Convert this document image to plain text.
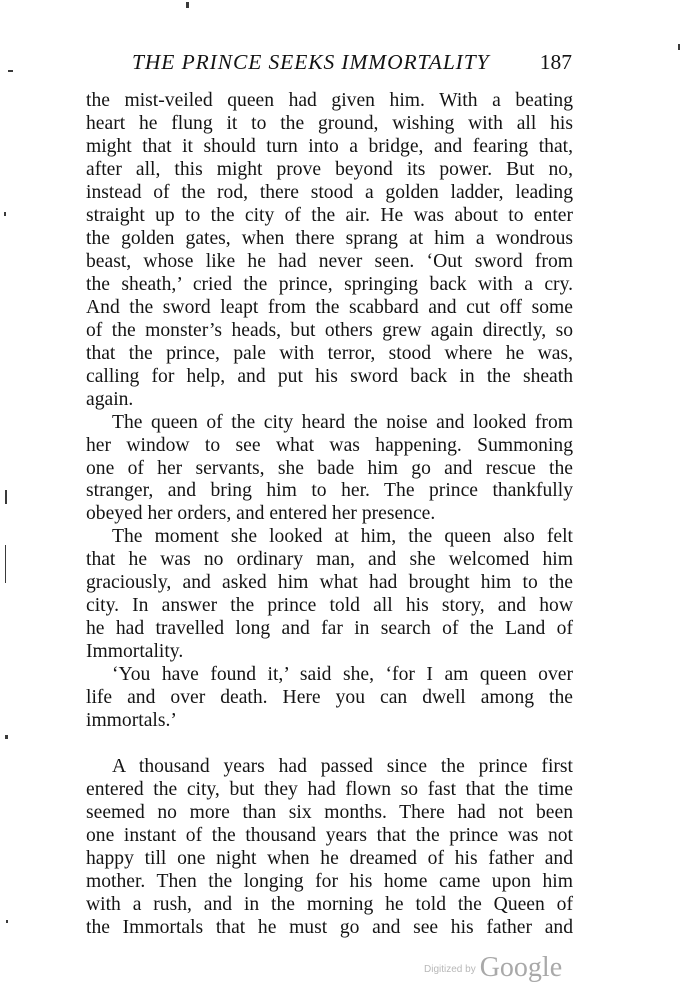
THE PRINCE SEEKS IMMORTALITY 187
the mist-veiled queen had given him. With a beating
heart he flung it to the ground, wishing with all his
might that it should turn into a bridge, and fearing that,
after all, this might prove beyond its power. But no,
instead of the rod, there stood a golden ladder, leading
straight up to the city of the air. He was about to enter
the golden gates, when there sprang at him a wondrous
beast, whose like he had never seen. ‘Out sword from
the sheath,’ cried the prince, springing back with a cry.
And the sword leapt from the scabbard and cut off some
of the monster’s heads, but others grew again directly, so
that the prince, pale with terror, stood where he was,
calling for help, and put his sword back in the sheath
again.
The queen of the city heard the noise and looked from
her window to see what was happening. Summoning
one of her servants, she bade him go and rescue the
stranger, and bring him to her. The prince thankfully
obeyed her orders, and entered her presence.
The moment she looked at him, the queen also felt
that he was no ordinary man, and she welcomed him
graciously, and asked him what had brought him to the
city. In answer the prince told all his story, and how
he had travelled long and far in search of the Land of
Immortality.
‘You have found it,’ said she, ‘for I am queen over
life and over death. Here you can dwell among the
immortals.’
A thousand years had passed since the prince first
entered the city, but they had flown so fast that the time
seemed no more than six months. There had not been
one instant of the thousand years that the prince was not
happy till one night when he dreamed of his father and
mother. Then the longing for his home came upon him
with a rush, and in the morning he told the Queen of
the Immortals that he must go and see his father and
$^{Digitized by}$ Google
